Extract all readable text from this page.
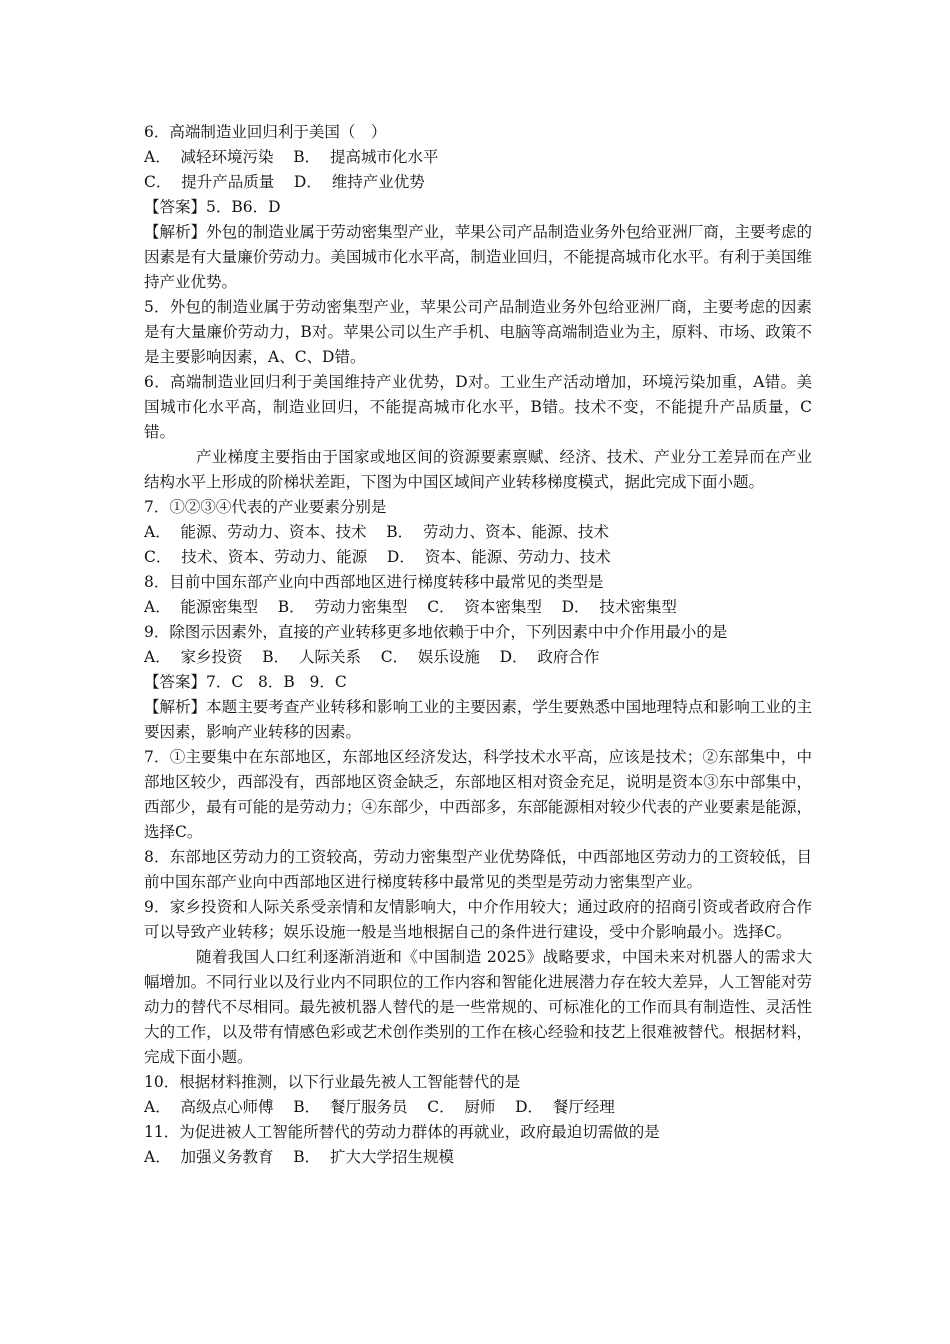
6．高端制造业回归利于美国（　）
A．  减轻环境污染    B．  提高城市化水平
C．  提升产品质量    D．  维持产业优势
【答案】5．B6．D
【解析】外包的制造业属于劳动密集型产业，苹果公司产品制造业务外包给亚洲厂商，主要考虑的因素是有大量廉价劳动力。美国城市化水平高，制造业回归，不能提高城市化水平。有利于美国维持产业优势。
5．外包的制造业属于劳动密集型产业，苹果公司产品制造业务外包给亚洲厂商，主要考虑的因素是有大量廉价劳动力，B对。苹果公司以生产手机、电脑等高端制造业为主，原料、市场、政策不是主要影响因素，A、C、D错。
6．高端制造业回归利于美国维持产业优势，D对。工业生产活动增加，环境污染加重，A错。美国城市化水平高，制造业回归，不能提高城市化水平，B错。技术不变，不能提升产品质量，C错。
产业梯度主要指由于国家或地区间的资源要素禀赋、经济、技术、产业分工差异而在产业结构水平上形成的阶梯状差距，下图为中国区域间产业转移梯度模式，据此完成下面小题。
7．①②③④代表的产业要素分别是
A．  能源、劳动力、资本、技术    B．  劳动力、资本、能源、技术
C．  技术、资本、劳动力、能源    D．  资本、能源、劳动力、技术
8．目前中国东部产业向中西部地区进行梯度转移中最常见的类型是
A．  能源密集型    B．  劳动力密集型    C．  资本密集型    D．  技术密集型
9．除图示因素外，直接的产业转移更多地依赖于中介，下列因素中中介作用最小的是
A．  家乡投资    B．  人际关系    C．  娱乐设施    D．  政府合作
【答案】7．C   8．B   9．C
【解析】本题主要考查产业转移和影响工业的主要因素，学生要熟悉中国地理特点和影响工业的主要因素，影响产业转移的因素。
7．①主要集中在东部地区，东部地区经济发达，科学技术水平高，应该是技术；②东部集中，中部地区较少，西部没有，西部地区资金缺乏，东部地区相对资金充足，说明是资本③东中部集中，西部少，最有可能的是劳动力；④东部少，中西部多，东部能源相对较少代表的产业要素是能源，选择C。
8．东部地区劳动力的工资较高，劳动力密集型产业优势降低，中西部地区劳动力的工资较低，目前中国东部产业向中西部地区进行梯度转移中最常见的类型是劳动力密集型产业。
9．家乡投资和人际关系受亲情和友情影响大，中介作用较大；通过政府的招商引资或者政府合作可以导致产业转移；娱乐设施一般是当地根据自己的条件进行建设，受中介影响最小。选择C。
随着我国人口红利逐渐消逝和《中国制造 2025》战略要求，中国未来对机器人的需求大幅增加。不同行业以及行业内不同职位的工作内容和智能化进展潜力存在较大差异，人工智能对劳动力的替代不尽相同。最先被机器人替代的是一些常规的、可标准化的工作而具有制造性、灵活性大的工作，以及带有情感色彩或艺术创作类别的工作在核心经验和技艺上很难被替代。根据材料，完成下面小题。
10．根据材料推测，以下行业最先被人工智能替代的是
A．  高级点心师傅    B．  餐厅服务员    C．  厨师    D．  餐厅经理
11．为促进被人工智能所替代的劳动力群体的再就业，政府最迫切需做的是
A．  加强义务教育    B．  扩大大学招生规模
